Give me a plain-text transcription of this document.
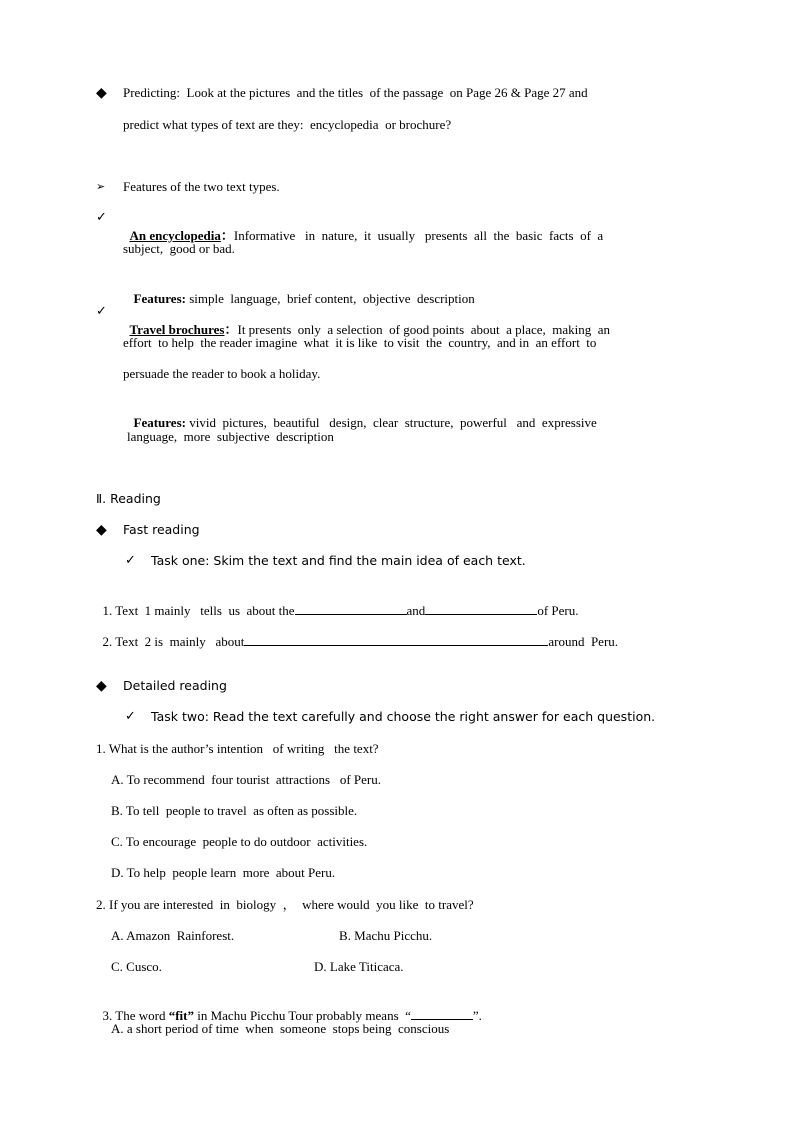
◆ Predicting:  Look at the pictures  and the titles  of the passage  on Page 26 & Page 27 and
predict what types of text are they:  encyclopedia  or brochure?
➢ Features of the two text types.
✓

An encyclopedia：Informative   in  nature,  it  usually   presents  all  the  basic  facts  of  a

subject,  good or bad.

Features: simple  language,  brief content,  objective  description

✓

Travel brochures：It presents  only  a selection  of good points  about  a place,  making  an

effort  to help  the reader imagine  what  it is like  to visit  the  country,  and in  an effort  to
persuade the reader to book a holiday.

Features: vivid  pictures,  beautiful   design,  clear  structure,  powerful   and  expressive

language,  more  subjective  description
Ⅱ. Reading
◆ Fast reading
✓ Task one: Skim the text and find the main idea of each text.

1. Text  1 mainly   tells  us  about the	and	of Peru.

2. Text  2 is  mainly   about	around  Peru.

◆ Detailed reading
✓ Task two: Read the text carefully and choose the right answer for each question.
1. What is the author’s intention   of writing   the text?
A. To recommend  four tourist  attractions   of Peru.
B. To tell  people to travel  as often as possible.
C. To encourage  people to do outdoor  activities.
D. To help  people learn  more  about Peru.
2. If you are interested  in  biology  ，  where would  you like  to travel?
A. Amazon  Rainforest.	B. Machu Picchu.
C. Cusco.	D. Lake Titicaca.

3. The word “fit” in Machu Picchu Tour probably means  “	”.

A. a short period of time  when  someone  stops being  conscious
